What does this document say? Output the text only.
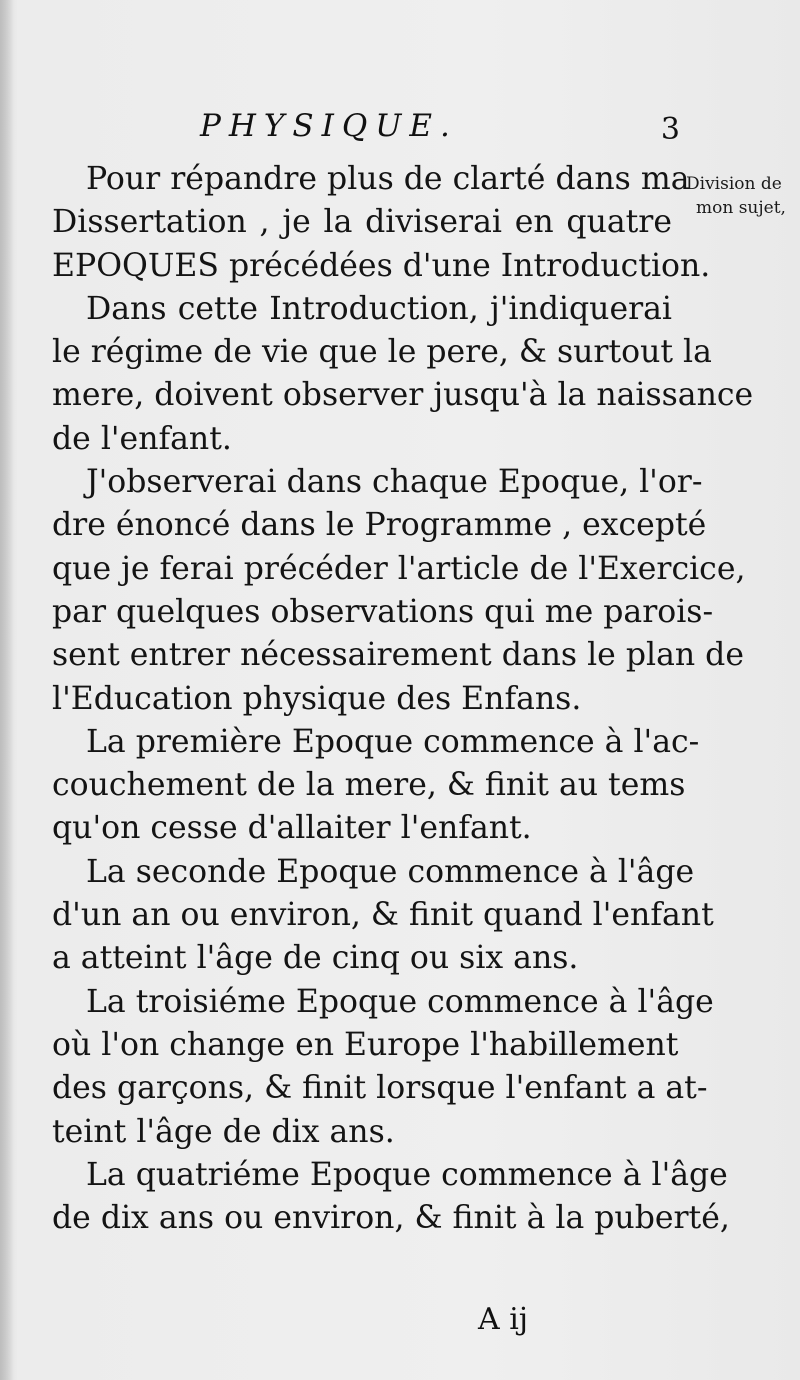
PHYSIQUE.	3
Division de
mon sujet,
Pour répandre plus de clarté dans ma
Dissertation , je la diviserai en quatre
EPOQUES précédées d'une Introduction.
Dans cette Introduction, j'indiquerai
le régime de vie que le pere, & surtout la
mere, doivent observer jusqu'à la naissance
de l'enfant.
J'observerai dans chaque Epoque, l'or-
dre énoncé dans le Programme , excepté
que je ferai précéder l'article de l'Exercice,
par quelques observations qui me parois-
sent entrer nécessairement dans le plan de
l'Education physique des Enfans.
La première Epoque commence à l'ac-
couchement de la mere, & finit au tems
qu'on cesse d'allaiter l'enfant.
La seconde Epoque commence à l'âge
d'un an ou environ, & finit quand l'enfant
a atteint l'âge de cinq ou six ans.
La troisiéme Epoque commence à l'âge
où l'on change en Europe l'habillement
des garçons, & finit lorsque l'enfant a at-
teint l'âge de dix ans.
La quatriéme Epoque commence à l'âge
de dix ans ou environ, & finit à la puberté,
A ij
